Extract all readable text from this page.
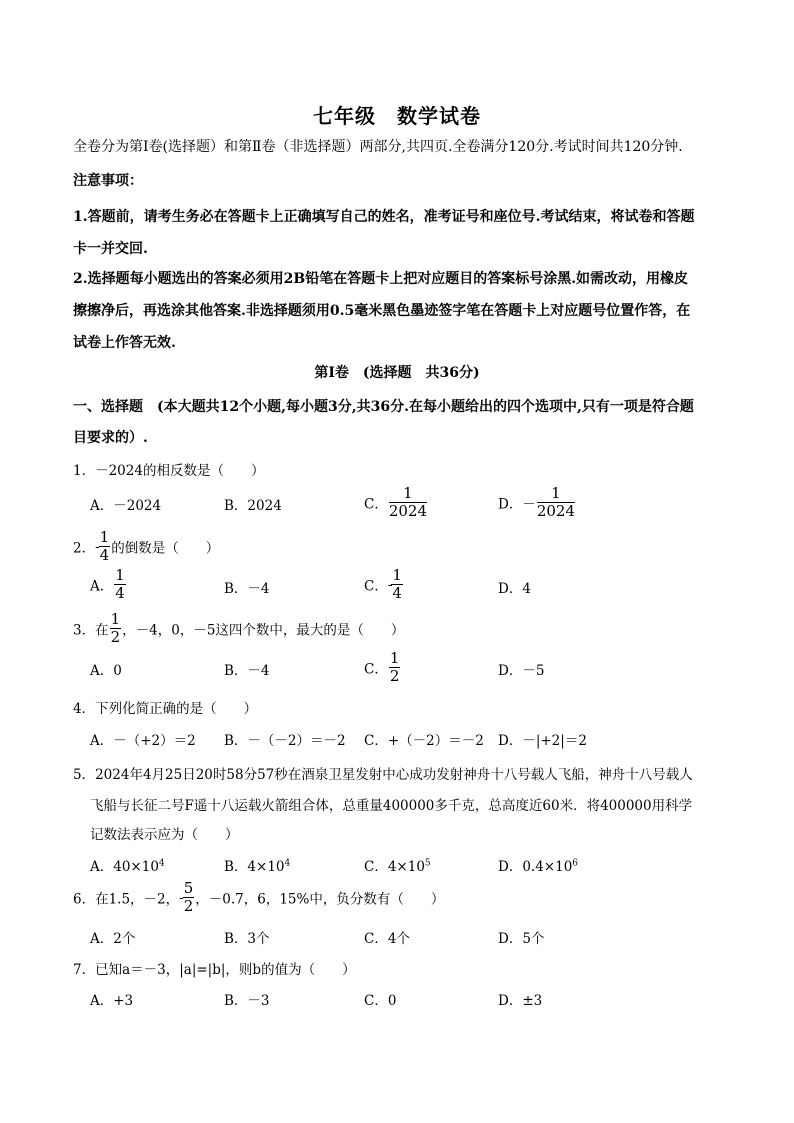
七年级　数学试卷
全卷分为第Ⅰ卷(选择题）和第Ⅱ卷（非选择题）两部分,共四页.全卷满分120分.考试时间共120分钟.
注意事项：
1.答题前，请考生务必在答题卡上正确填写自己的姓名，准考证号和座位号.考试结束，将试卷和答题
卡一并交回.
2.选择题每小题选出的答案必须用2B铅笔在答题卡上把对应题目的答案标号涂黑.如需改动，用橡皮
擦擦净后，再选涂其他答案.非选择题须用0.5毫米黑色墨迹签字笔在答题卡上对应题号位置作答，在
试卷上作答无效.
第Ⅰ卷　(选择题　共36分)
一、选择题　(本大题共12个小题,每小题3分,共36分.在每小题给出的四个选项中,只有一项是符合题
目要求的）.
1．－2024的相反数是（　　）
A．－2024	B．2024	C． $\frac{1}{2024}$	D．－ $\frac{1}{2024}$
2．- $\frac{1}{4}$ 的倒数是（　　）
A． $\frac{1}{4}$	B．－4	C．- $\frac{1}{4}$	D．4
3．在 $\frac{1}{2}$ ，－4，0，－5这四个数中，最大的是（　　）
A．0	B．－4	C． $\frac{1}{2}$	D．－5
4．下列化简正确的是（　　）
A．－（+2）＝2 B．－（－2）＝－2 C．+（－2）＝－2 D．－|+2|＝2
5．2024年4月25日20时58分57秒在酒泉卫星发射中心成功发射神舟十八号载人飞船，神舟十八号载人
飞船与长征二号F遥十八运载火箭组合体，总重量400000多千克，总高度近60米．将400000用科学
记数法表示应为（　　）
A．$40\times 10^4$	B．$4\times 10^4$	C．$4\times 10^5$	D．$0.4\times 10^6$
6．在1.5，－2，- $\frac{5}{2}$ ，－0.7，6，15%中，负分数有（　　）
A．2个	B．3个	C．4个	D．5个
7．已知a＝－3，|a|=|b|，则b的值为（　　）
A．+3	B．－3	C．0	D．±3
